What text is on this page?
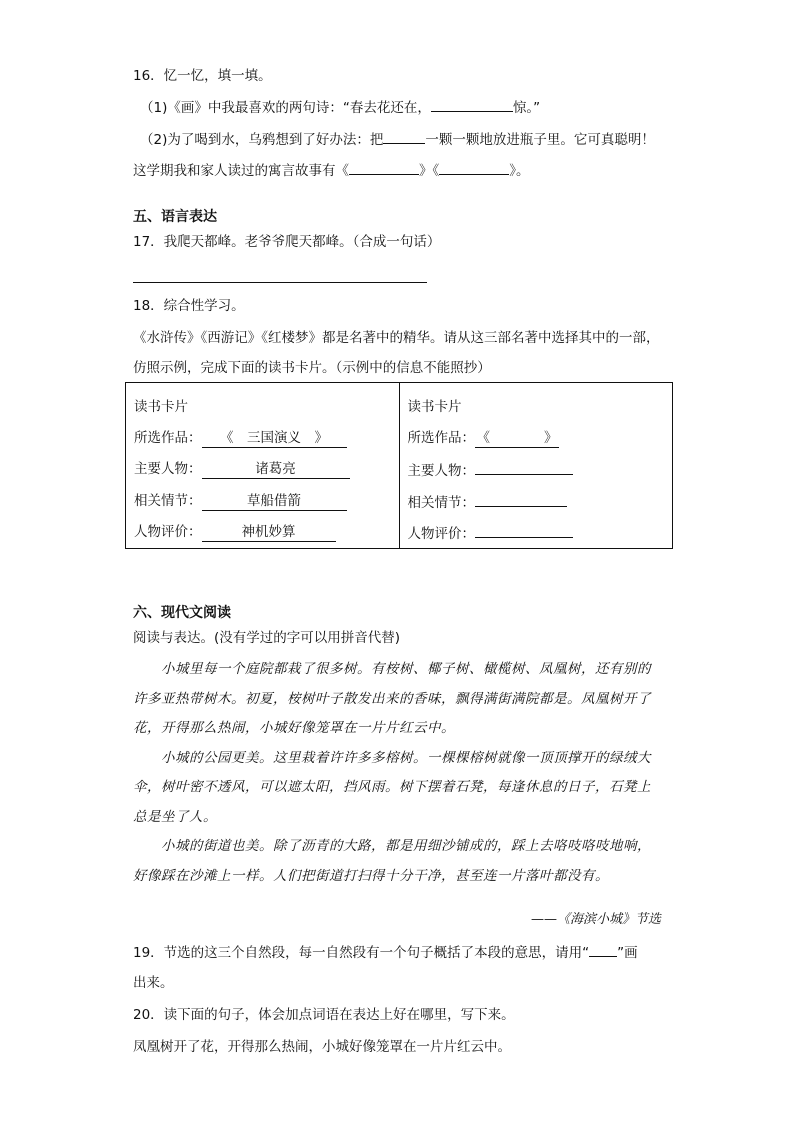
16．忆一忆，填一填。
（1)《画》中我最喜欢的两句诗：“春去花还在，	惊。”
（2)为了喝到水，乌鸦想到了好办法：把	一颗一颗地放进瓶子里。它可真聪明！
这学期我和家人读过的寓言故事有《	》《	》。
五、语言表达
17．我爬天都峰。老爷爷爬天都峰。（合成一句话）
18．综合性学习。
《水浒传》《西游记》《红楼梦》都是名著中的精华。请从这三部名著中选择其中的一部，
仿照示例，完成下面的读书卡片。（示例中的信息不能照抄）
读书卡片
所选作品： 《　三国演义　》
主要人物：	诸葛亮
相关情节：	草船借箭
人物评价：	神机妙算

读书卡片
所选作品： 《　　　　》
主要人物：
相关情节：
人物评价：
六、现代文阅读
阅读与表达。(没有学过的字可以用拼音代替)

小城里每一个庭院都栽了很多树。有桉树、椰子树、橄榄树、凤凰树，还有别的许多亚热带树木。初夏，桉树叶子散发出来的香味，飘得满街满院都是。凤凰树开了花，开得那么热闹，小城好像笼罩在一片片红云中。

小城的公园更美。这里栽着许许多多榕树。一棵棵榕树就像一顶顶撑开的绿绒大伞，树叶密不透风，可以遮太阳，挡风雨。树下摆着石凳，每逢休息的日子，石凳上总是坐了人。

小城的街道也美。除了沥青的大路，都是用细沙铺成的，踩上去咯吱咯吱地响，好像踩在沙滩上一样。人们把街道打扫得十分干净，甚至连一片落叶都没有。

——《海滨小城》节选
19．节选的这三个自然段，每一自然段有一个句子概括了本段的意思，请用“ ”画
出来。
20．读下面的句子，体会加点词语在表达上好在哪里，写下来。
凤凰树开了花，开得那么热闹，小城好像笼罩在一片片红云中。
